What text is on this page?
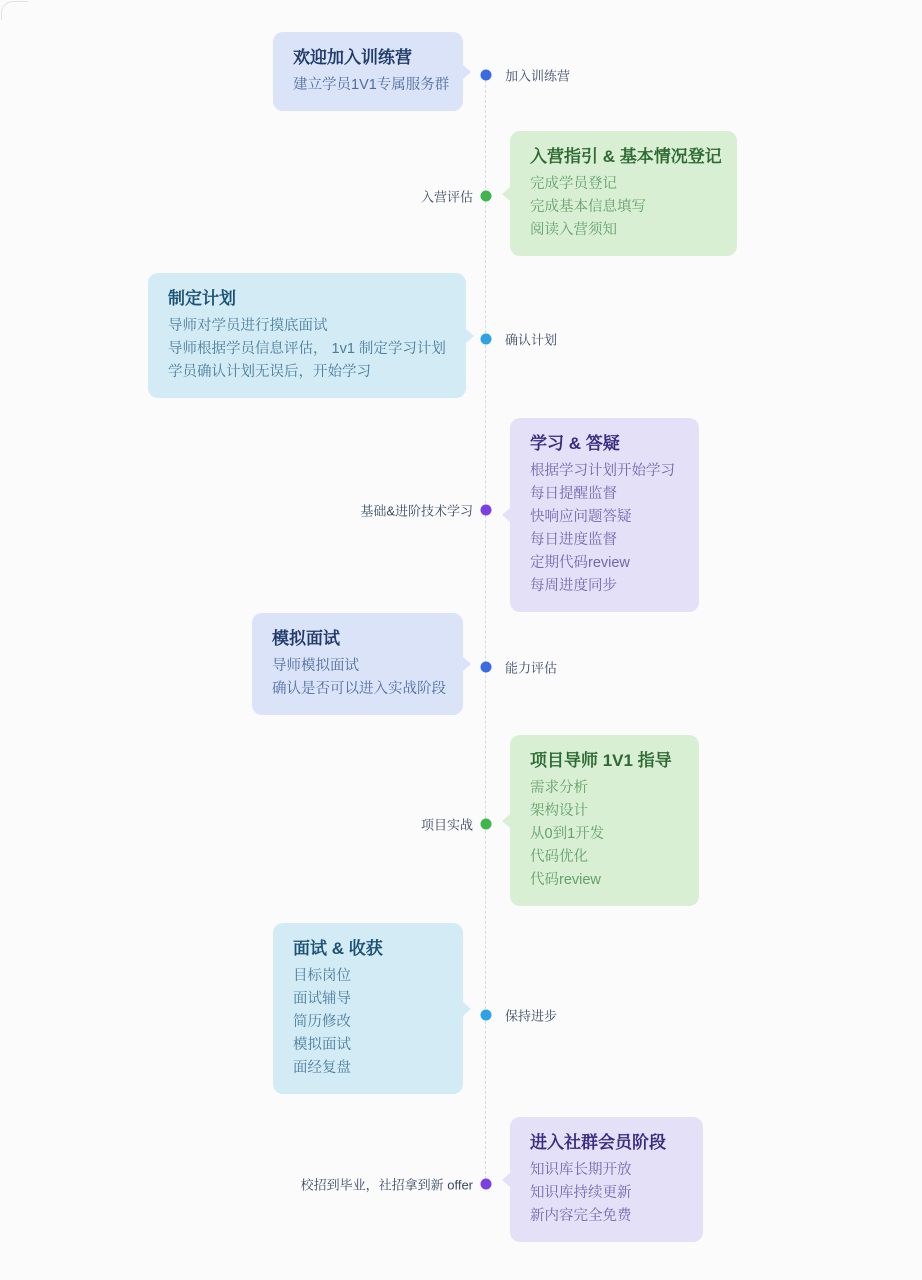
欢迎加入训练营
建立学员1V1专属服务群
加入训练营
入营指引 & 基本情况登记
完成学员登记
完成基本信息填写
阅读入营须知
入营评估
制定计划
导师对学员进行摸底面试
导师根据学员信息评估， 1v1 制定学习计划
学员确认计划无误后，开始学习
确认计划
学习 & 答疑
根据学习计划开始学习
每日提醒监督
快响应问题答疑
每日进度监督
定期代码review
每周进度同步
基础&进阶技术学习
模拟面试
导师模拟面试
确认是否可以进入实战阶段
能力评估
项目导师 1V1 指导
需求分析
架构设计
从0到1开发
代码优化
代码review
项目实战
面试 & 收获
目标岗位
面试辅导
简历修改
模拟面试
面经复盘
保持进步
进入社群会员阶段
知识库长期开放
知识库持续更新
新内容完全免费
校招到毕业，社招拿到新 offer
